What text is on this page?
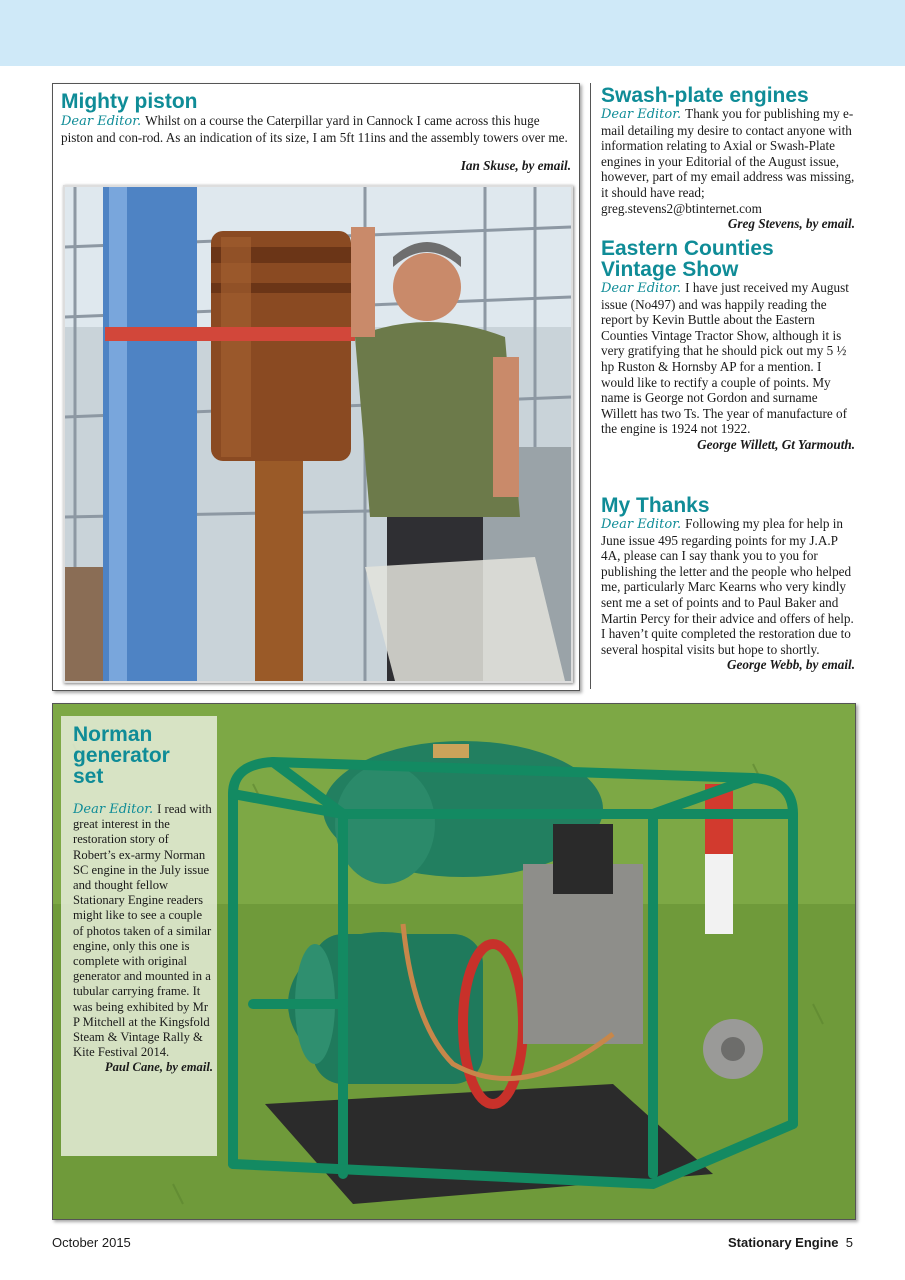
Mighty piston
Dear Editor. Whilst on a course the Caterpillar yard in Cannock I came across this huge piston and con-rod. As an indication of its size, I am 5ft 11ins and the assembly towers over me.
Ian Skuse, by email.
Swash-plate engines
Dear Editor. Thank you for publishing my e-mail detailing my desire to contact anyone with information relating to Axial or Swash-Plate engines in your Editorial of the August issue, however, part of my email address was missing, it should have read; greg.stevens2@btinternet.com
Greg Stevens, by email.
Eastern Counties
Vintage Show
Dear Editor. I have just received my August issue (No497) and was happily reading the report by Kevin Buttle about the Eastern Counties Vintage Tractor Show, although it is very gratifying that he should pick out my 5 ½ hp Ruston & Hornsby AP for a mention. I would like to rectify a couple of points. My name is George not Gordon and surname Willett has two Ts. The year of manufacture of the engine is 1924 not 1922.
George Willett, Gt Yarmouth.
My Thanks
Dear Editor. Following my plea for help in June issue 495 regarding points for my J.A.P 4A, please can I say thank you to you for publishing the letter and the people who helped me, particularly Marc Kearns who very kindly sent me a set of points and to Paul Baker and Martin Percy for their advice and offers of help. I haven’t quite completed the restoration due to several hospital visits but hope to shortly.
George Webb, by email.
Norman
generator
set
Dear Editor. I read with great interest in the restoration story of Robert’s ex-army Norman SC engine in the July issue and thought fellow Stationary Engine readers might like to see a couple of photos taken of a similar engine, only this one is complete with original generator and mounted in a tubular carrying frame. It was being exhibited by Mr P Mitchell at the Kingsfold Steam & Vintage Rally & Kite Festival 2014.
Paul Cane, by email.
October 2015	Stationary Engine 5
